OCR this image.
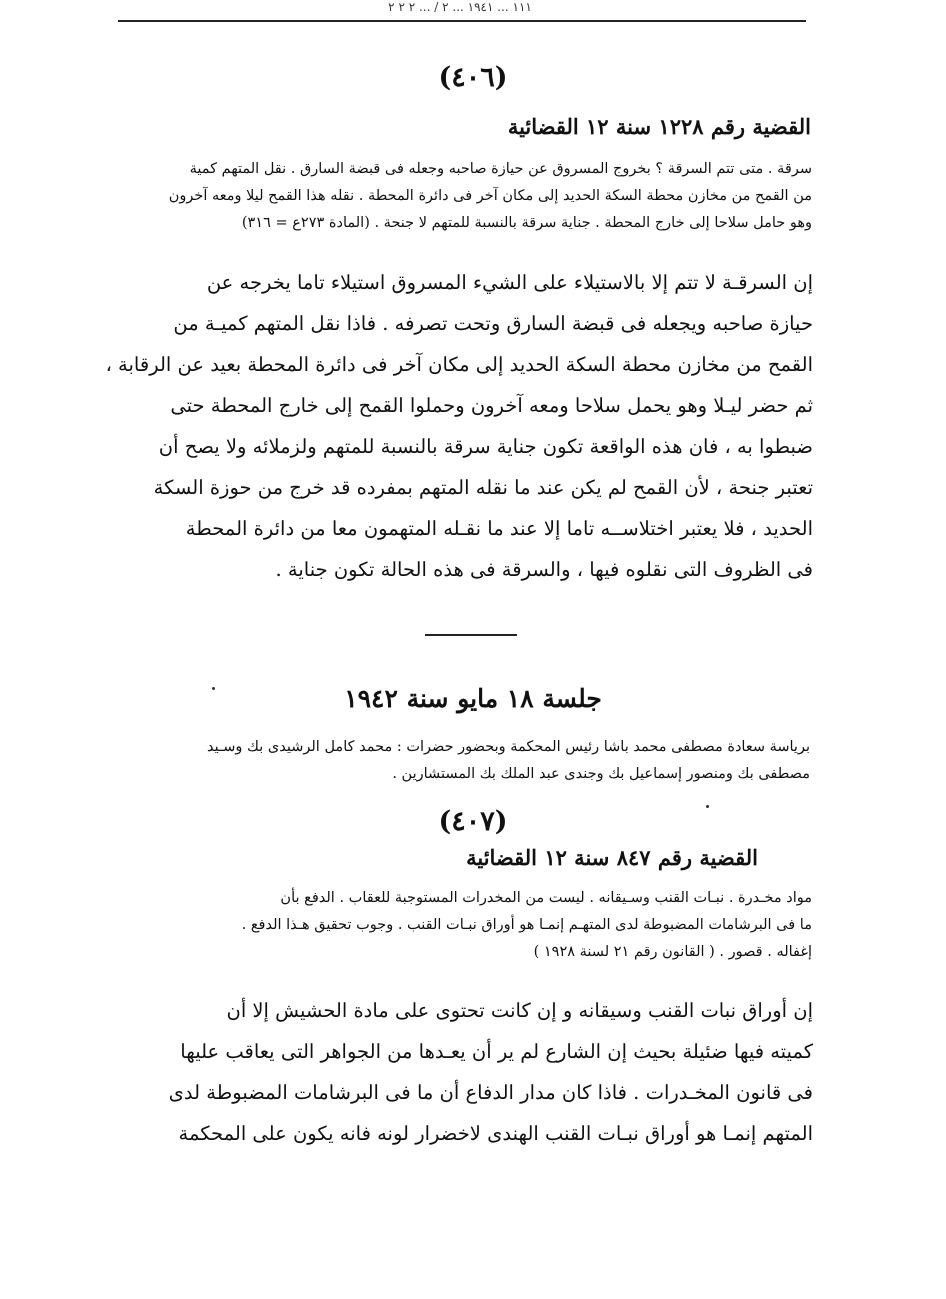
١١١ ... ١٩٤١ ... ٢ / ... ٢ ٢ ٢
(٤٠٦)
القضية رقم ١٢٢٨ سنة ١٢ القضائية
سرقة . متى تتم السرقة ؟ بخروج المسروق عن حيازة صاحبه وجعله فى قبضة السارق . نقل المتهم كمية
من القمح من مخازن محطة السكة الحديد إلى مكان آخر فى دائرة المحطة . نقله هذا القمح ليلا ومعه آخرون
وهو حامل سلاحا إلى خارج المحطة . جناية سرقة بالنسبة للمتهم لا جنحة . (المادة ٢٧٣ع = ٣١٦)
إن السرقـة لا تتم إلا بالاستيلاء على الشيء المسروق استيلاء تاما يخرجه عن
حيازة صاحبه ويجعله فى قبضة السارق وتحت تصرفه . فاذا نقل المتهم كميـة من
القمح من مخازن محطة السكة الحديد إلى مكان آخر فى دائرة المحطة بعيد عن الرقابة ،
ثم حضر ليـلا وهو يحمل سلاحا ومعه آخرون وحملوا القمح إلى خارج المحطة حتى
ضبطوا به ، فان هذه الواقعة تكون جناية سرقة بالنسبة للمتهم ولزملائه ولا يصح أن
تعتبر جنحة ، لأن القمح لم يكن عند ما نقله المتهم بمفرده قد خرج من حوزة السكة
الحديد ، فلا يعتبر اختلاســه تاما إلا عند ما نقـله المتهمون معا من دائرة المحطة
فى الظروف التى نقلوه فيها ، والسرقة فى هذه الحالة تكون جناية .
جلسة ١٨ مايو سنة ١٩٤٢
برياسة سعادة مصطفى محمد باشا رئيس المحكمة وبحضور حضرات : محمد كامل الرشيدى بك وسـيد
مصطفى بك ومنصور إسماعيل بك وجندى عبد الملك بك المستشارين .
(٤٠٧)
القضية رقم ٨٤٧ سنة ١٢ القضائية
مواد مخـدرة . نبـات القنب وسـيقانه . ليست من المخدرات المستوجبة للعقاب . الدفع بأن
ما فى البرشامات المضبوطة لدى المتهـم إنمـا هو أوراق نبـات القنب . وجوب تحقيق هـذا الدفع .
إغفاله . قصور . ( القانون رقم ٢١ لسنة ١٩٢٨ )
إن أوراق نبات القنب وسيقانه و إن كانت تحتوى على مادة الحشيش إلا أن
كميته فيها ضئيلة بحيث إن الشارع لم ير أن يعـدها من الجواهر التى يعاقب عليها
فى قانون المخـدرات . فاذا كان مدار الدفاع أن ما فى البرشامات المضبوطة لدى
المتهم إنمـا هو أوراق نبـات القنب الهندى لاخضرار لونه فانه يكون على المحكمة
